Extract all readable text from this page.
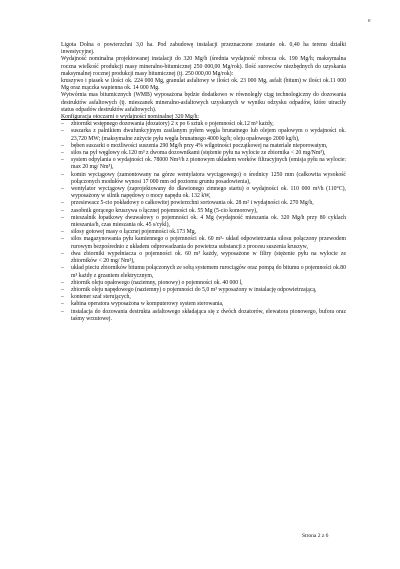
e

Ligota Dolna o powierzchni 3,0 ha. Pod zabudowę instalacji przeznaczone zostanie ok. 0,40 ha terenu działki inwestycyjnej.

Wydajność nominalna projektowanej instalacji do 320 Mg/h (średnia wydajność robocza ok. 190 Mg/h; maksymalna roczna wielkość produkcji masy mineralno-bitumicznej 250 000,00 Mg/rok). Ilość surowców niezbędnych do uzyskania maksymalnej rocznej produkcji masy bitumicznej (tj. 250 000,00 Mg/rok):

kruszywo i piasek w ilości ok. 224 000 Mg, granulat asfaltowy w ilości ok. 23 000 Mg, asfalt (bitum) w ilości ok.11 000 Mg oraz mączka wapienna ok. 14 000 Mg.

Wytwórnia mas bitumicznych (WMB) wyposażona będzie dodatkowo w równoległy ciąg technologiczny do dozowania destruktów asfaltowych (tj. mieszanek mineralno-asfaltowych uzyskanych w wyniku odzysku odpadów, które utraciły status odpadów destruktów asfaltowych).

Konfiguracja otoczarni o wydajności nominalnej 320 Mg/h:

– zbiorniki wstępnego dozowania (dozatory) 2 x po 6 sztuk o pojemności ok.12 m³ każdy,
– suszarka z palnikiem dwufunkcyjnym zasilanym pyłem węgla brunatnego lub olejem opałowym o wydajności ok. 23,720 MW; (maksymalne zużycie pyłu węgla brunatnego 4000 kg/h; oleju opałowego 2000 kg/h),
– bęben suszarki o możliwości suszenia 290 Mg/h przy 4% wilgotności początkowej na materiale nieporowatym,
– silos na pył węglowy ok.120 m³ z dwoma dozownikami (stężenie pyłu na wylocie ze zbiornika < 20 mg/Nm³),
– system odpylania o wydajności ok. 78000 Nm³/h z pionowym układem worków filtracyjnych (emisja pyłu na wylocie: max 20 mg/ Nm³),
– komin wyciągowy (zamontowany na górze wentylatora wyciągowego) o średnicy 1250 mm (całkowita wysokość połączonych modułów wynosi 17 000 mm od poziomu gruntu posadowienia),
– wentylator wyciągowy (zaprojektowany do dławionego zimnego startu) o wydajności ok. 110 000 m³/h (110°C), wyposażony w silnik napędowy o mocy napędu ok. 132 kW,
– przesiewacz 5-cio pokładowy o całkowitej powierzchni sortowania ok. 28 m² i wydajności ok. 270 Mg/h,
– zasobnik gorącego kruszywa o łącznej pojemności ok. 55 Mg (5-cio komorowy),
– mieszalnik łopatkowy dwuwałowy o pojemności ok. 4 Mg (wydajność mieszania ok. 320 Mg/h przy 80 cyklach mieszania/h, czas mieszania ok. 45 s/cykl),
– silosy gotowej masy o łącznej pojemności ok.173 Mg,
– silos magazynowania pyłu kamiennego o pojemności ok. 60 m³- układ odpowietrzania silosu połączony przewodem rurowym bezpośrednio z układem odprowadzania do powietrza substancji z procesu suszenia kruszyw,
– dwa zbiorniki wypełniacza o pojemności ok. 60 m³ każdy, wyposażone w filtry (stężenie pyłu na wylocie ze zbiorników < 20 mg/ Nm³),
– układ pieciu zbiorników bitumu połączonych ze sobą systemem rurociągów oraz pompą do bitumu o pojemności ok.80 m³ każdy z grzaniem elektrycznym,
– zbiornik oleju opałowego (naziemny, pionowy) o pojemności ok. 40 000 l,
– zbiornik oleju napędowego (naziemny) o pojemności do 5,0 m³ wyposażony w instalację odpowietrzającą,
– kontener szaf sterujących,
– kabina operatora wyposażona w komputerowy system sterowania,
– instalacja do dozowania destrukta asfaltowego składająca się z dwóch dozatorów, elewatora pionowego, bufora oraz taśmy wrzutowej.
Strona 2 z 6
